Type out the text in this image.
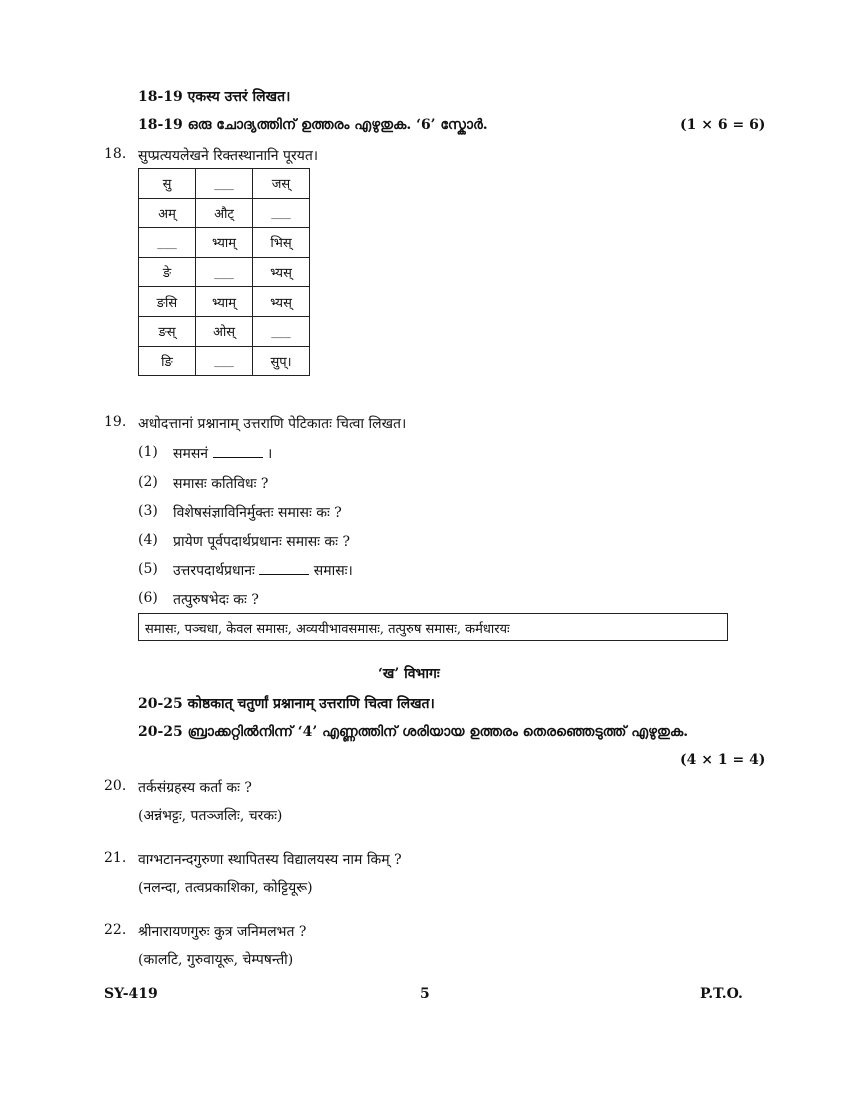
18-19 एकस्य उत्तरं लिखत।
18-19 ഒരു ചോദ്യത്തിന് ഉത്തരം എഴുതുക. ‘6’ സ്കോർ.	(1 × 6 = 6)
18. सुप्प्रत्ययलेखने रिक्तस्थानानि पूरयत।
सु	___	जस्
अम्	औट्	___
___	भ्याम्	भिस्
ङे	___	भ्यस्
ङसि	भ्याम्	भ्यस्
ङस्	ओस्	___
ङि	___	सुप्।
19. अधोदत्तानां प्रश्नानाम् उत्तराणि पेटिकातः चित्वा लिखत।
(1) समसनं	।
(2) समासः कतिविधः ?
(3) विशेषसंज्ञाविनिर्मुक्तः समासः कः ?
(4) प्रायेण पूर्वपदार्थप्रधानः समासः कः ?
(5) उत्तरपदार्थप्रधानः	समासः।
(6) तत्पुरुषभेदः कः ?
समासः, पञ्चधा, केवल समासः, अव्ययीभावसमासः, तत्पुरुष समासः, कर्मधारयः
‘ख’ विभागः
20-25 कोष्ठकात् चतुर्णां प्रश्नानाम् उत्तराणि चित्वा लिखत।
20-25 ബ്രാക്കറ്റിൽനിന്ന് ‘4’ എണ്ണത്തിന് ശരിയായ ഉത്തരം തെരഞ്ഞെടുത്ത് എഴുതുക.
(4 × 1 = 4)
20. तर्कसंग्रहस्य कर्ता कः ?
(अन्नंभट्टः, पतञ्जलिः, चरकः)
21. वाग्भटानन्दगुरुणा स्थापितस्य विद्यालयस्य नाम किम् ?
(नलन्दा, तत्वप्रकाशिका, कोट्टियूरू)
22. श्रीनारायणगुरुः कुत्र जनिमलभत ?
(कालटि, गुरुवायूरू, चेम्पषन्ती)
SY-419	5	P.T.O.
